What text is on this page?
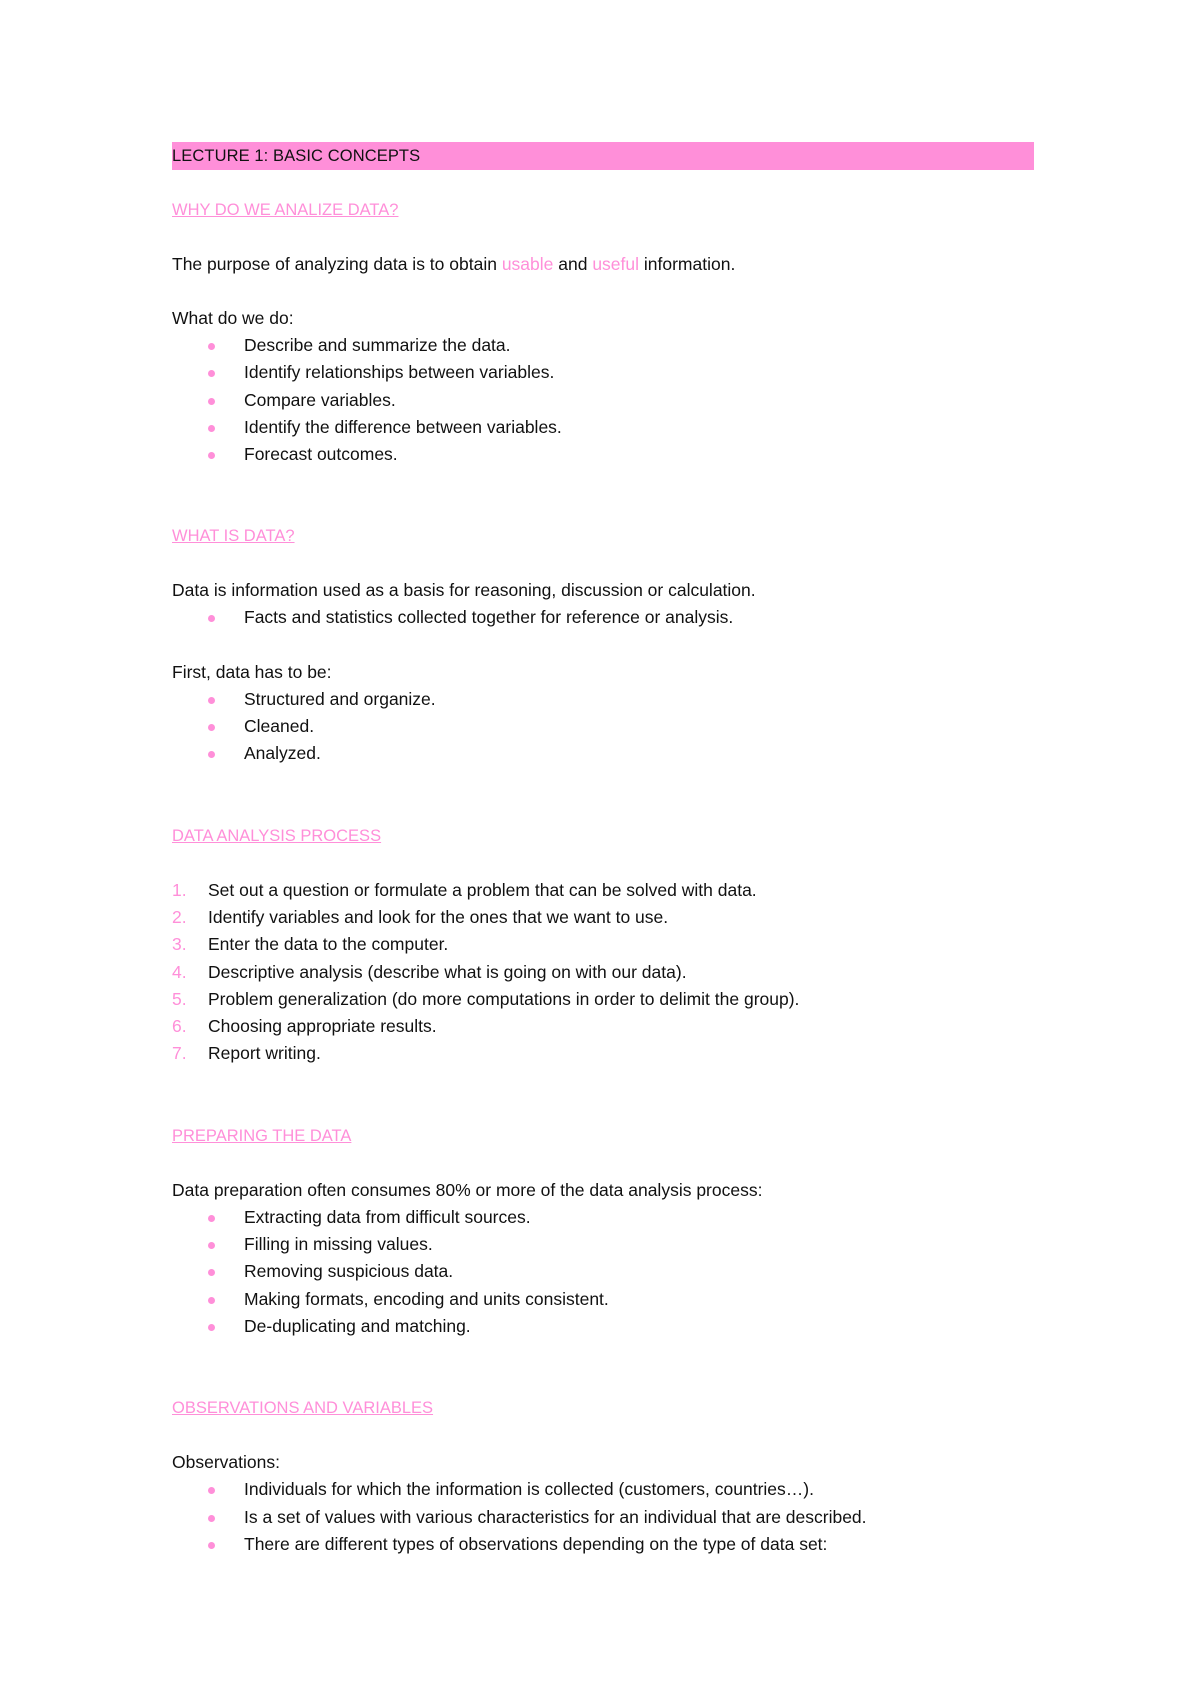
LECTURE 1: BASIC CONCEPTS
WHY DO WE ANALIZE DATA?

The purpose of analyzing data is to obtain usable and useful information.

What do we do:

Describe and summarize the data.
Identify relationships between variables.
Compare variables.
Identify the difference between variables.
Forecast outcomes.
WHAT IS DATA?

Data is information used as a basis for reasoning, discussion or calculation.

Facts and statistics collected together for reference or analysis.

First, data has to be:

Structured and organize.
Cleaned.
Analyzed.
DATA ANALYSIS PROCESS
1. Set out a question or formulate a problem that can be solved with data.
2. Identify variables and look for the ones that we want to use.
3. Enter the data to the computer.
4. Descriptive analysis (describe what is going on with our data).
5. Problem generalization (do more computations in order to delimit the group).
6. Choosing appropriate results.
7. Report writing.
PREPARING THE DATA

Data preparation often consumes 80% or more of the data analysis process:

Extracting data from difficult sources.
Filling in missing values.
Removing suspicious data.
Making formats, encoding and units consistent.
De-duplicating and matching.
OBSERVATIONS AND VARIABLES

Observations:

Individuals for which the information is collected (customers, countries…).
Is a set of values with various characteristics for an individual that are described.
There are different types of observations depending on the type of data set:
